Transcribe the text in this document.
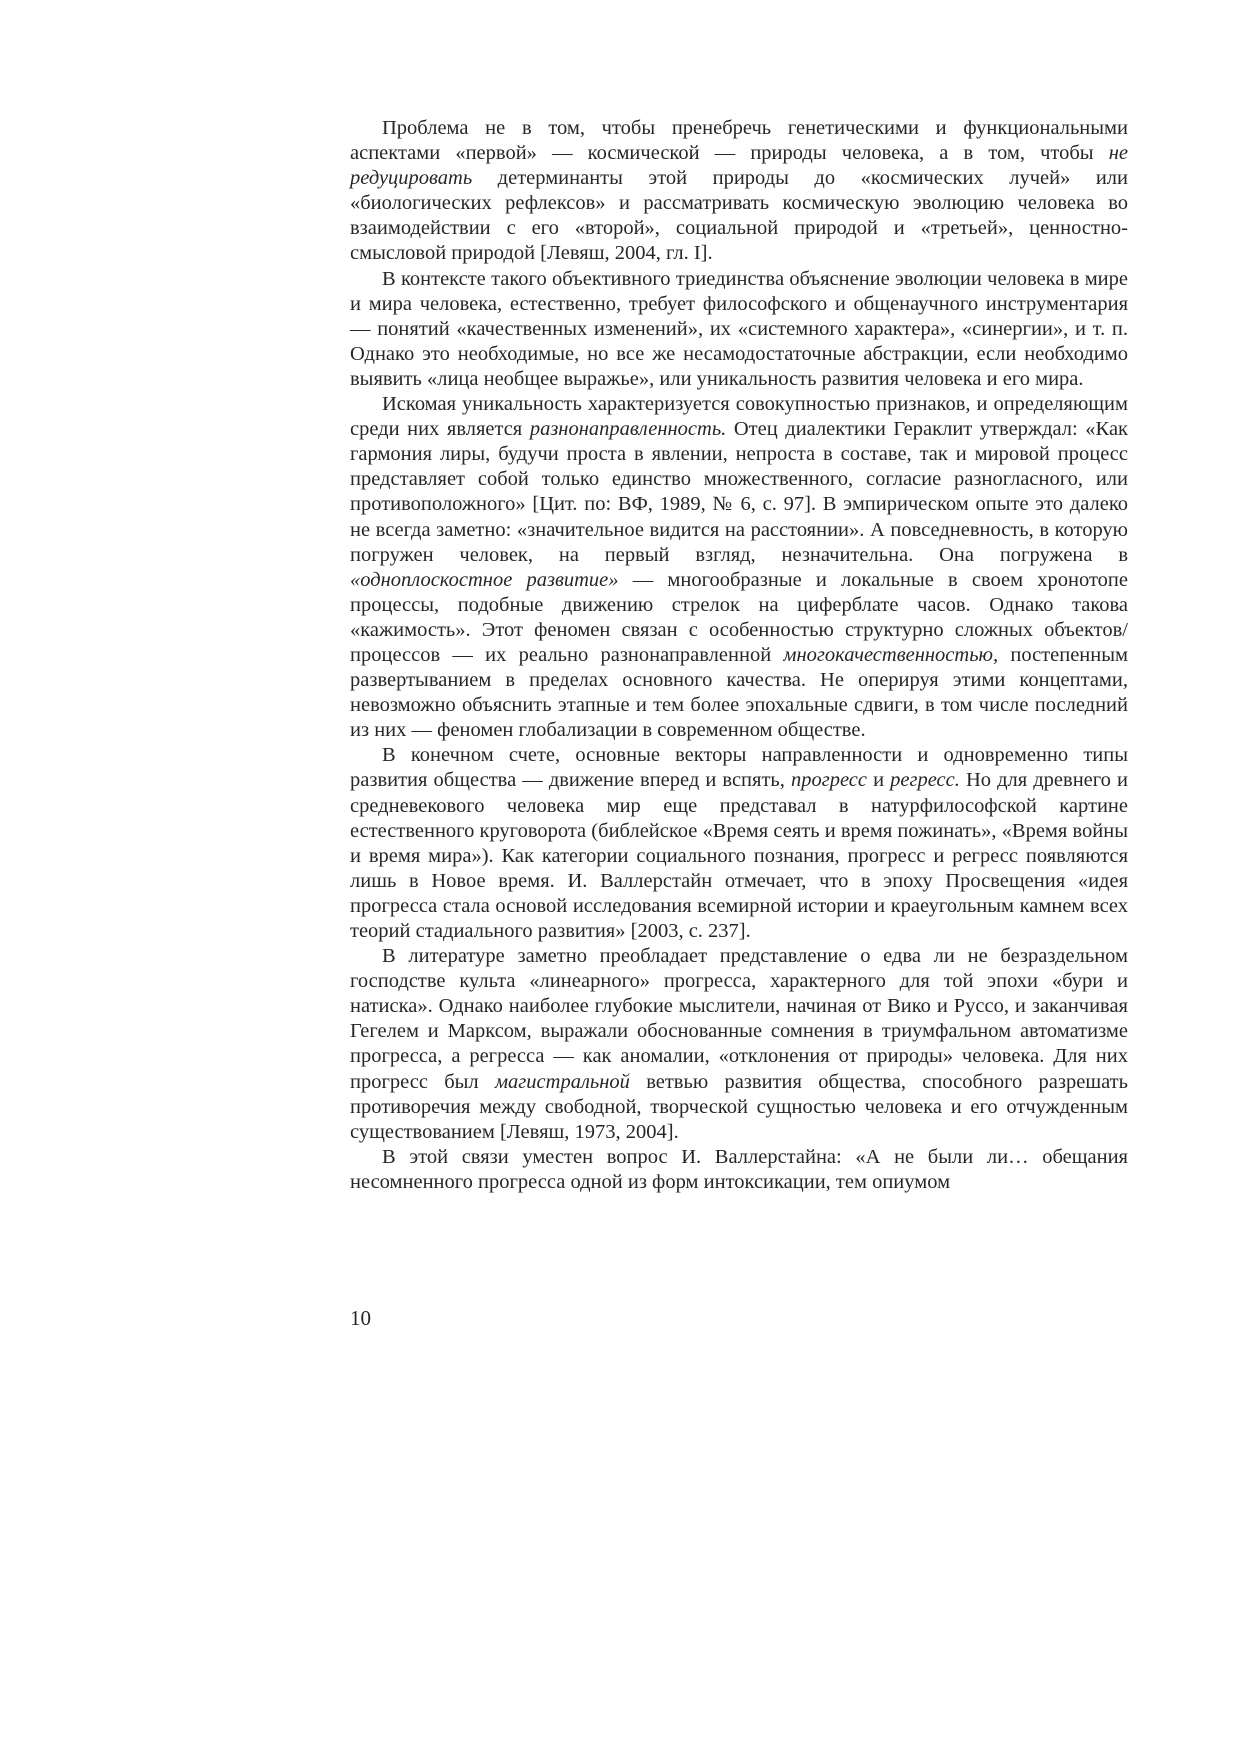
Проблема не в том, чтобы пренебречь генетическими и функциональными аспектами «первой» — космической — природы человека, а в том, чтобы не редуцировать детерминанты этой природы до «космических лучей» или «биологических рефлексов» и рассматривать космическую эволюцию человека во взаимодействии с его «второй», социальной природой и «третьей», ценностно-смысловой природой [Левяш, 2004, гл. I].

В контексте такого объективного триединства объяснение эволюции человека в мире и мира человека, естественно, требует философского и общенаучного инструментария — понятий «качественных изменений», их «системного характера», «синергии», и т. п. Однако это необходимые, но все же несамодостаточные абстракции, если необходимо выявить «лица необщее выражье», или уникальность развития человека и его мира.

Искомая уникальность характеризуется совокупностью признаков, и определяющим среди них является разнонаправленность. Отец диалектики Гераклит утверждал: «Как гармония лиры, будучи проста в явлении, непроста в составе, так и мировой процесс представляет собой только единство множественного, согласие разногласного, или противоположного» [Цит. по: ВФ, 1989, № 6, с. 97]. В эмпирическом опыте это далеко не всегда заметно: «значительное видится на расстоянии». А повседневность, в которую погружен человек, на первый взгляд, незначительна. Она погружена в «одноплоскостное развитие» — многообразные и локальные в своем хронотопе процессы, подобные движению стрелок на циферблате часов. Однако такова «кажимость». Этот феномен связан с особенностью структурно сложных объектов/процессов — их реально разнонаправленной многокачественностью, постепенным развертыванием в пределах основного качества. Не оперируя этими концептами, невозможно объяснить этапные и тем более эпохальные сдвиги, в том числе последний из них — феномен глобализации в современном обществе.

В конечном счете, основные векторы направленности и одновременно типы развития общества — движение вперед и вспять, прогресс и регресс. Но для древнего и средневекового человека мир еще представал в натурфилософской картине естественного круговорота (библейское «Время сеять и время пожинать», «Время войны и время мира»). Как категории социального познания, прогресс и регресс появляются лишь в Новое время. И. Валлерстайн отмечает, что в эпоху Просвещения «идея прогресса стала основой исследования всемирной истории и краеугольным камнем всех теорий стадиального развития» [2003, с. 237].

В литературе заметно преобладает представление о едва ли не безраздельном господстве культа «линеарного» прогресса, характерного для той эпохи «бури и натиска». Однако наиболее глубокие мыслители, начиная от Вико и Руссо, и заканчивая Гегелем и Марксом, выражали обоснованные сомнения в триумфальном автоматизме прогресса, а регресса — как аномалии, «отклонения от природы» человека. Для них прогресс был магистральной ветвью развития общества, способного разрешать противоречия между свободной, творческой сущностью человека и его отчужденным существованием [Левяш, 1973, 2004].

В этой связи уместен вопрос И. Валлерстайна: «А не были ли… обещания несомненного прогресса одной из форм интоксикации, тем опиумом

10
